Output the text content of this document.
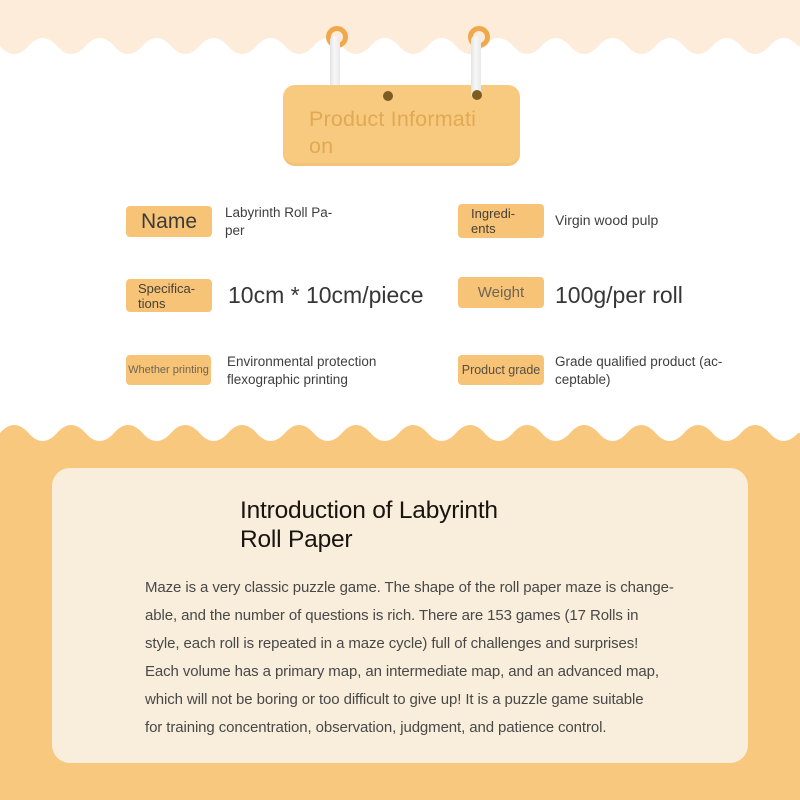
Product Informati
on
Name Labyrinth Roll Pa-
per
Ingredi-
ents
Virgin wood pulp
Specifica-
tions	10cm * 10cm/piece	Weight 100g/per roll
Whether printing
Environmental protection
flexographic printing
Product grade
Grade qualified product (ac-
ceptable)
Introduction of Labyrinth
Roll Paper
Maze is a very classic puzzle game. The shape of the roll paper maze is change-
able, and the number of questions is rich. There are 153 games (17 Rolls in
style, each roll is repeated in a maze cycle) full of challenges and surprises!
Each volume has a primary map, an intermediate map, and an advanced map,
which will not be boring or too difficult to give up! It is a puzzle game suitable
for training concentration, observation, judgment, and patience control.
